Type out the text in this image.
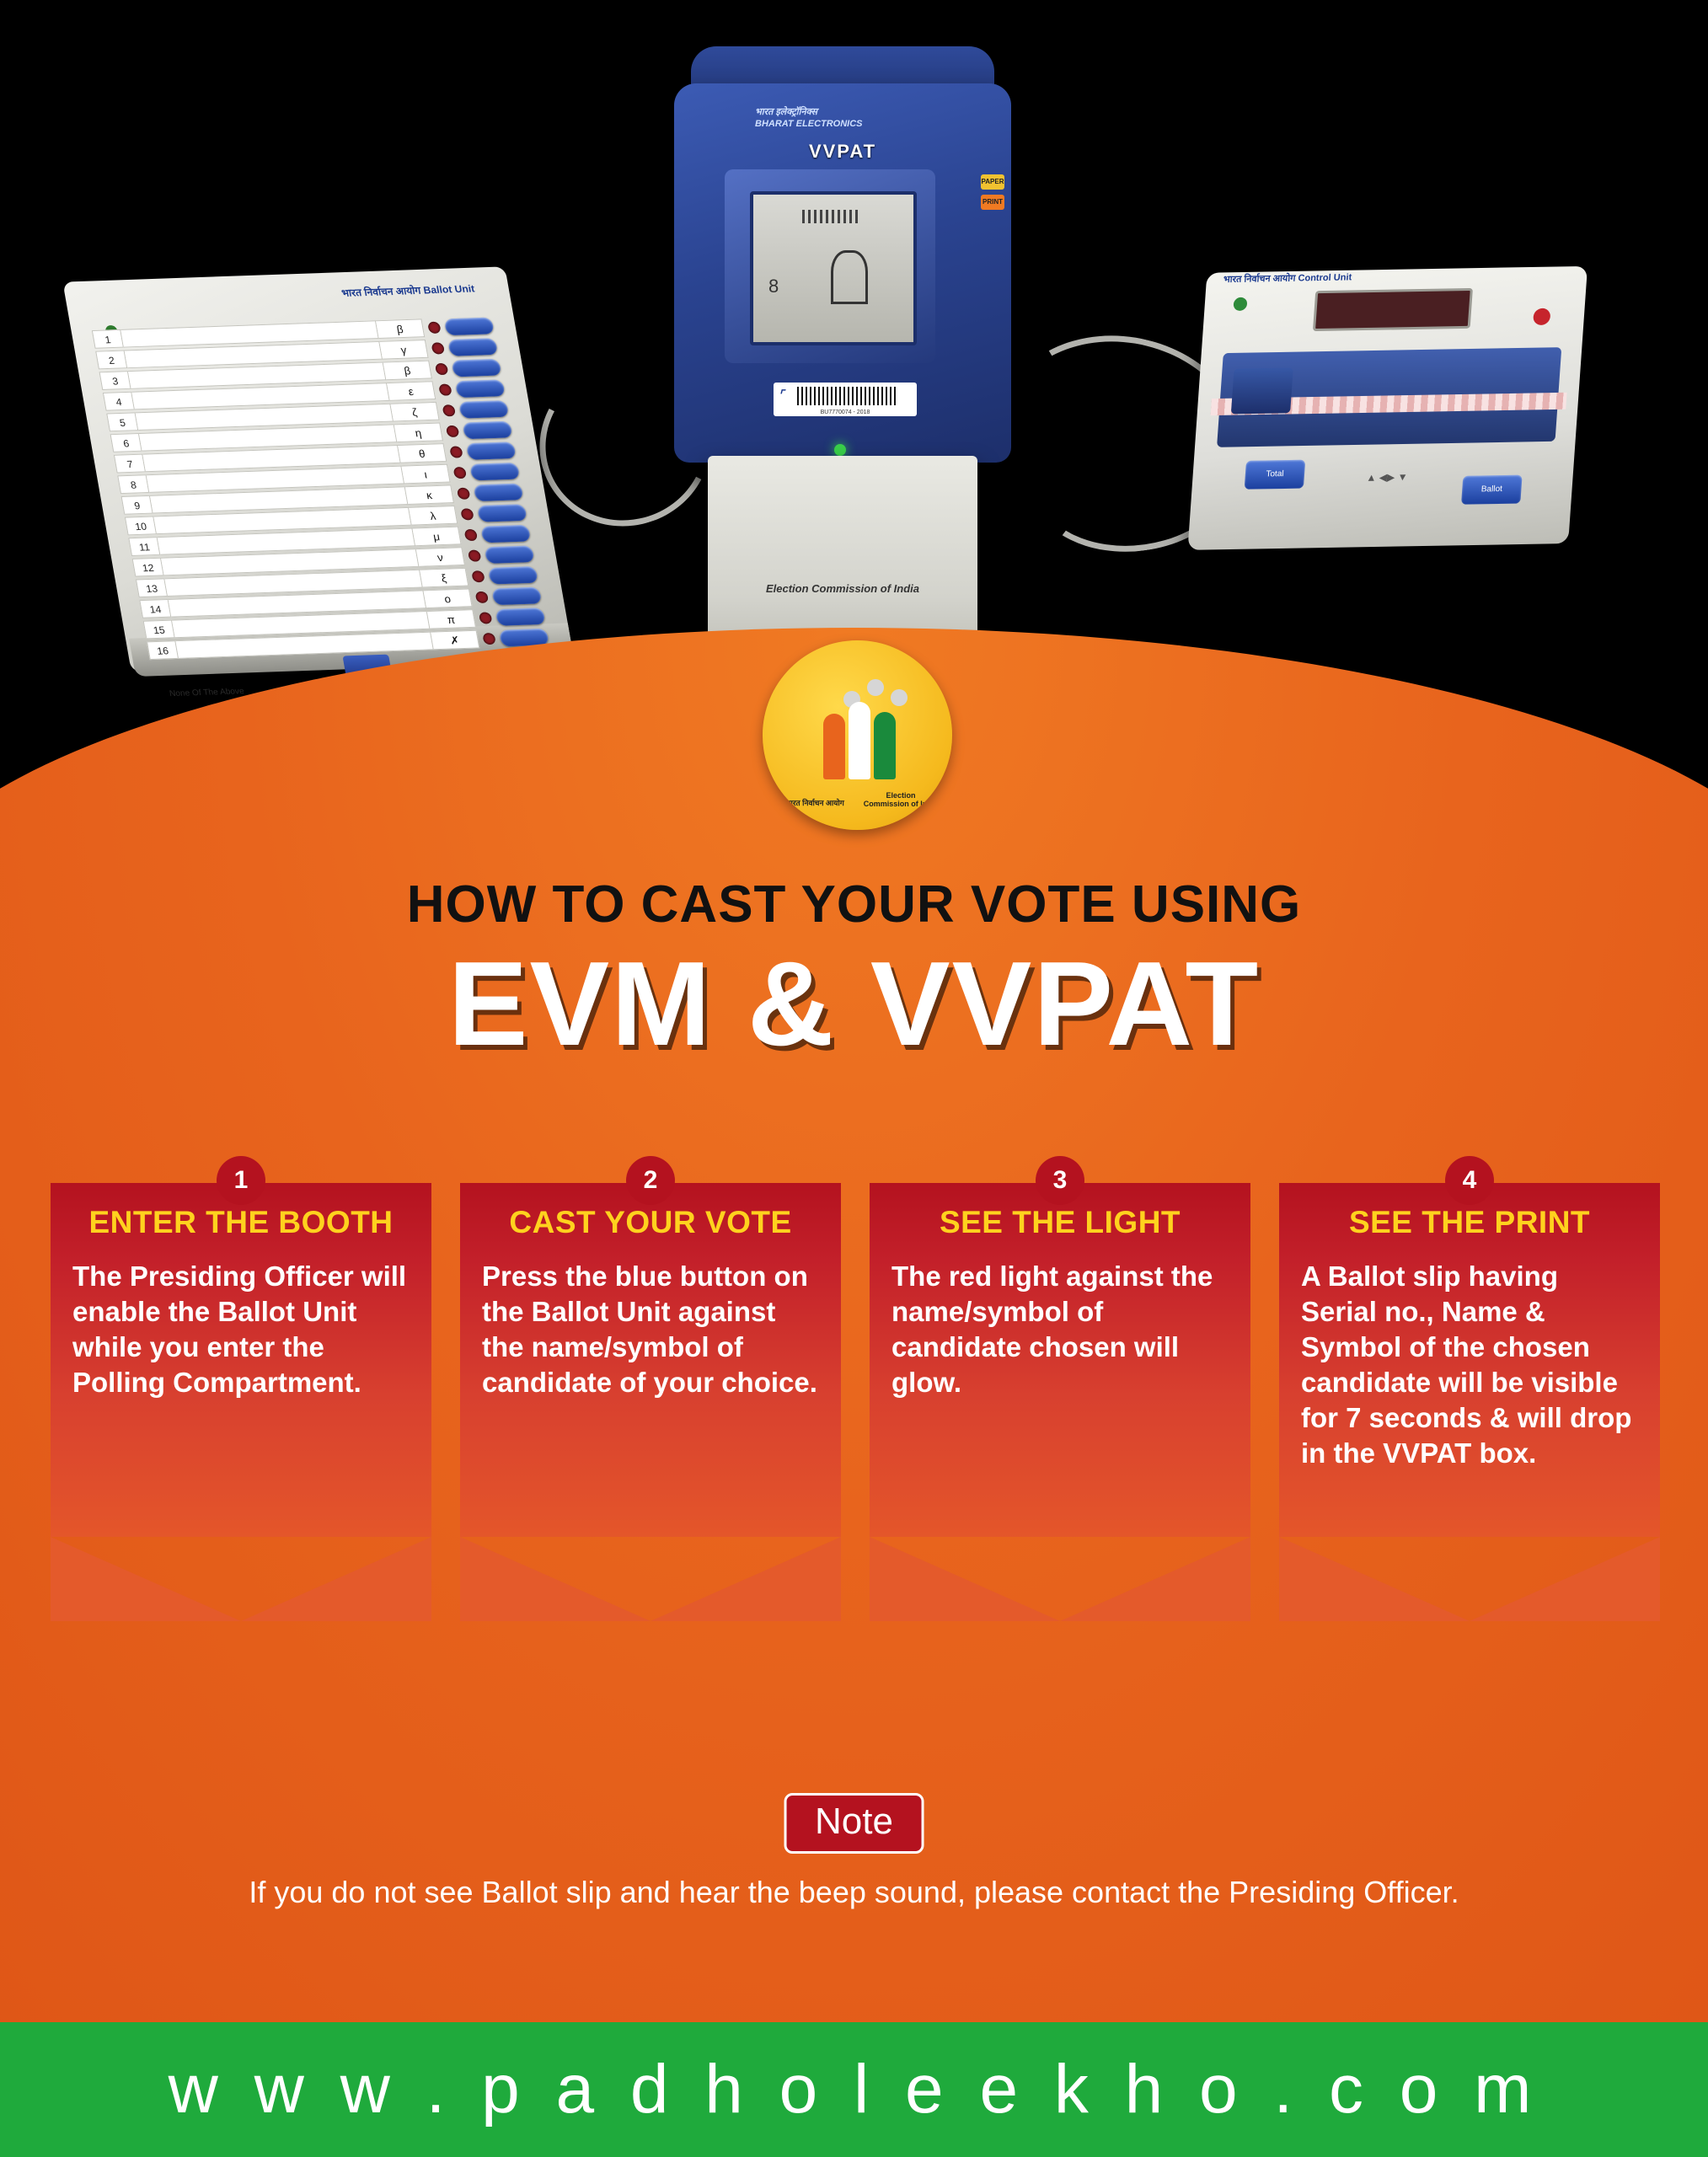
भारत निर्वाचन आयोग Ballot Unit
1
β
2
γ
3
β
4
ε
5
ζ
6
η
7
θ
8
ι
9
κ
10
λ
11
μ
12
ν
13
ξ
14
ο
15
π
16
✗
None Of The Above
भारत इलेक्ट्रॉनिक्स
BHARAT ELECTRONICS
VVPAT
8
PAPER
PRINT
⌜
BU7770074 - 2018
Election Commission of India
भारत निर्वाचन आयोग Control Unit
Total	▲ ◀▶ ▼
Ballot
भारत निर्वाचन आयोग
Election Commission of India
HOW TO CAST YOUR VOTE USING
EVM & VVPAT
1
ENTER THE BOOTH
The Presiding Officer will enable the Ballot Unit while you enter the Polling Compartment.
2
CAST YOUR VOTE
Press the blue button on the Ballot Unit against the name/symbol of candidate of your choice.
3
SEE THE LIGHT
The red light against the name/symbol of candidate chosen will glow.
4
SEE THE PRINT
A Ballot slip having Serial no., Name & Symbol of the chosen candidate will be visible for 7 seconds & will drop in the VVPAT box.
Note
If you do not see Ballot slip and hear the beep sound, please contact the Presiding Officer.
w w w . p a d h o l e e k h o . c o m
